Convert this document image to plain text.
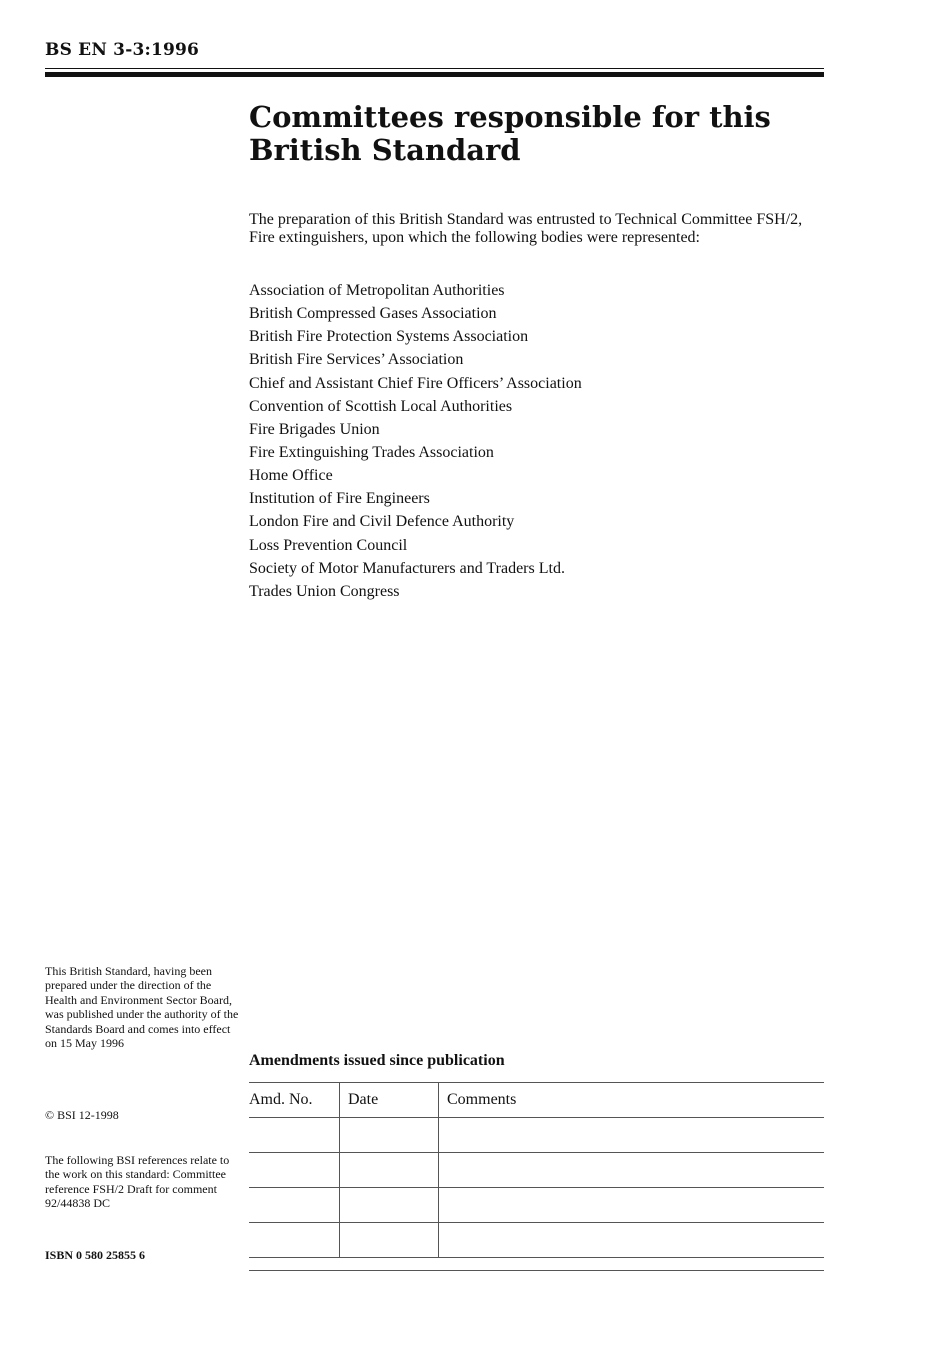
BS EN 3-3:1996
Committees responsible for this British Standard

The preparation of this British Standard was entrusted to Technical Committee FSH/2, Fire extinguishers, upon which the following bodies were represented:

Association of Metropolitan Authorities
British Compressed Gases Association
British Fire Protection Systems Association
British Fire Services’ Association
Chief and Assistant Chief Fire Officers’ Association
Convention of Scottish Local Authorities
Fire Brigades Union
Fire Extinguishing Trades Association
Home Office
Institution of Fire Engineers
London Fire and Civil Defence Authority
Loss Prevention Council
Society of Motor Manufacturers and Traders Ltd.
Trades Union Congress

This British Standard, having been prepared under the direction of the Health and Environment Sector Board, was published under the authority of the Standards Board and comes into effect on 15 May 1996

© BSI 12-1998

The following BSI references relate to the work on this standard: Committee reference FSH/2 Draft for comment 92/44838 DC

ISBN 0 580 25855 6

Amendments issued since publication
Amd. No.	Date	Comments
